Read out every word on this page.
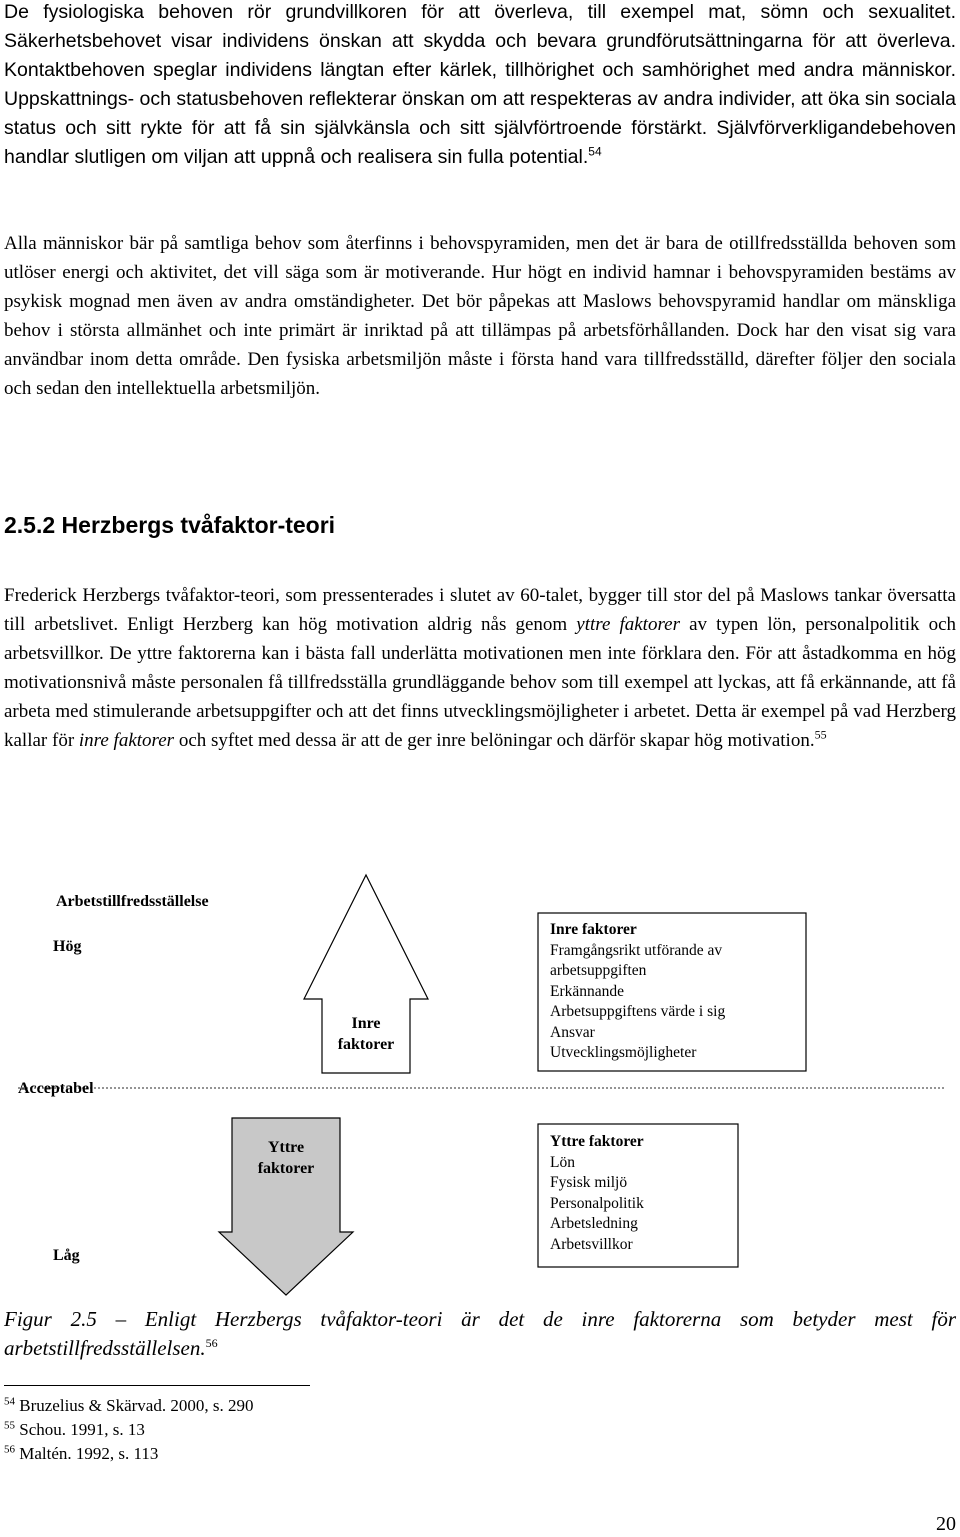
De fysiologiska behoven rör grundvillkoren för att överleva, till exempel mat, sömn och sexualitet. Säkerhetsbehovet visar individens önskan att skydda och bevara grundförutsättningarna för att överleva. Kontaktbehoven speglar individens längtan efter kärlek, tillhörighet och samhörighet med andra människor. Uppskattnings- och statusbehoven reflekterar önskan om att respekteras av andra individer, att öka sin sociala status och sitt rykte för att få sin självkänsla och sitt självförtroende förstärkt. Självförverkligandebehoven handlar slutligen om viljan att uppnå och realisera sin fulla potential.$^{54}$

Alla människor bär på samtliga behov som återfinns i behovspyramiden, men det är bara de otillfredsställda behoven som utlöser energi och aktivitet, det vill säga som är motiverande. Hur högt en individ hamnar i behovspyramiden bestäms av psykisk mognad men även av andra omständigheter. Det bör påpekas att Maslows behovspyramid handlar om mänskliga behov i största allmänhet och inte primärt är inriktad på att tillämpas på arbetsförhållanden. Dock har den visat sig vara användbar inom detta område. Den fysiska arbetsmiljön måste i första hand vara tillfredsställd, därefter följer den sociala och sedan den intellektuella arbetsmiljön.

2.5.2 Herzbergs tvåfaktor-teori

Frederick Herzbergs tvåfaktor-teori, som pressenterades i slutet av 60-talet, bygger till stor del på Maslows tankar översatta till arbetslivet. Enligt Herzberg kan hög motivation aldrig nås genom yttre faktorer av typen lön, personalpolitik och arbetsvillkor. De yttre faktorerna kan i bästa fall underlätta motivationen men inte förklara den. För att åstadkomma en hög motivationsnivå måste personalen få tillfredsställa grundläggande behov som till exempel att lyckas, att få erkännande, att få arbeta med stimulerande arbetsuppgifter och att det finns utvecklingsmöjligheter i arbetet. Detta är exempel på vad Herzberg kallar för inre faktorer och syftet med dessa är att de ger inre belöningar och därför skapar hög motivation.$^{55}$

Arbetstillfredsställelse

Hög

Acceptabel

Låg

Inre
faktorer

Yttre
faktorer

Inre faktorer
Framgångsrikt utförande av
arbetsuppgiften
Erkännande
Arbetsuppgiftens värde i sig
Ansvar
Utvecklingsmöjligheter
Yttre faktorer
Lön
Fysisk miljö
Personalpolitik
Arbetsledning
Arbetsvillkor

Figur 2.5 – Enligt Herzbergs tvåfaktor-teori är det de inre faktorerna som betyder mest för arbetstillfredsställelsen.$^{56}$

$^{54}$ Bruzelius & Skärvad. 2000, s. 290

$^{55}$ Schou. 1991, s. 13

$^{56}$ Maltén. 1992, s. 113

20
